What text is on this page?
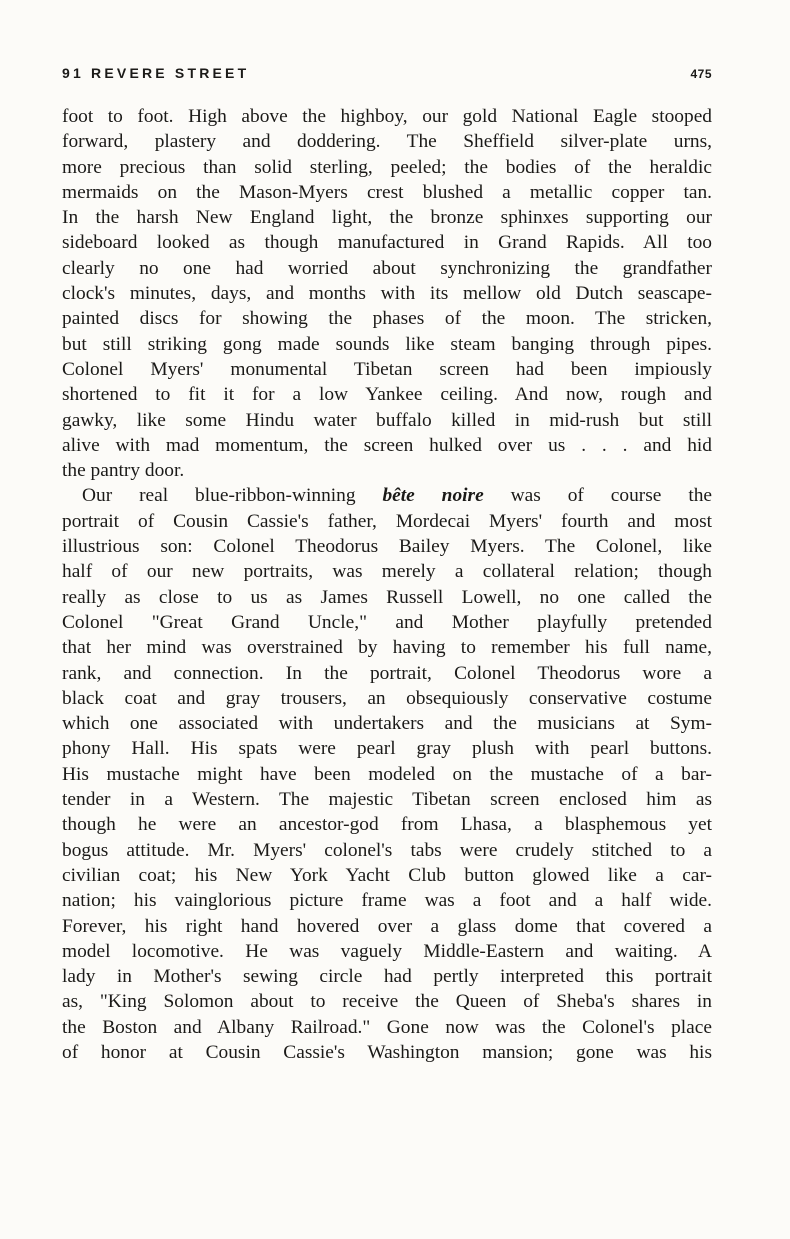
91 REVERE STREET	475

foot to foot. High above the highboy, our gold National Eagle stooped

forward, plastery and doddering. The Sheffield silver-plate urns,

more precious than solid sterling, peeled; the bodies of the heraldic

mermaids on the Mason-Myers crest blushed a metallic copper tan.

In the harsh New England light, the bronze sphinxes supporting our

sideboard looked as though manufactured in Grand Rapids. All too

clearly no one had worried about synchronizing the grandfather

clock's minutes, days, and months with its mellow old Dutch seascape-

painted discs for showing the phases of the moon. The stricken,

but still striking gong made sounds like steam banging through pipes.

Colonel Myers' monumental Tibetan screen had been impiously

shortened to fit it for a low Yankee ceiling. And now, rough and

gawky, like some Hindu water buffalo killed in mid-rush but still

alive with mad momentum, the screen hulked over us . . . and hid

the pantry door.

Our real blue-ribbon-winning bête noire was of course the

portrait of Cousin Cassie's father, Mordecai Myers' fourth and most

illustrious son: Colonel Theodorus Bailey Myers. The Colonel, like

half of our new portraits, was merely a collateral relation; though

really as close to us as James Russell Lowell, no one called the

Colonel "Great Grand Uncle," and Mother playfully pretended

that her mind was overstrained by having to remember his full name,

rank, and connection. In the portrait, Colonel Theodorus wore a

black coat and gray trousers, an obsequiously conservative costume

which one associated with undertakers and the musicians at Sym-

phony Hall. His spats were pearl gray plush with pearl buttons.

His mustache might have been modeled on the mustache of a bar-

tender in a Western. The majestic Tibetan screen enclosed him as

though he were an ancestor-god from Lhasa, a blasphemous yet

bogus attitude. Mr. Myers' colonel's tabs were crudely stitched to a

civilian coat; his New York Yacht Club button glowed like a car-

nation; his vainglorious picture frame was a foot and a half wide.

Forever, his right hand hovered over a glass dome that covered a

model locomotive. He was vaguely Middle-Eastern and waiting. A

lady in Mother's sewing circle had pertly interpreted this portrait

as, "King Solomon about to receive the Queen of Sheba's shares in

the Boston and Albany Railroad." Gone now was the Colonel's place

of honor at Cousin Cassie's Washington mansion; gone was his
